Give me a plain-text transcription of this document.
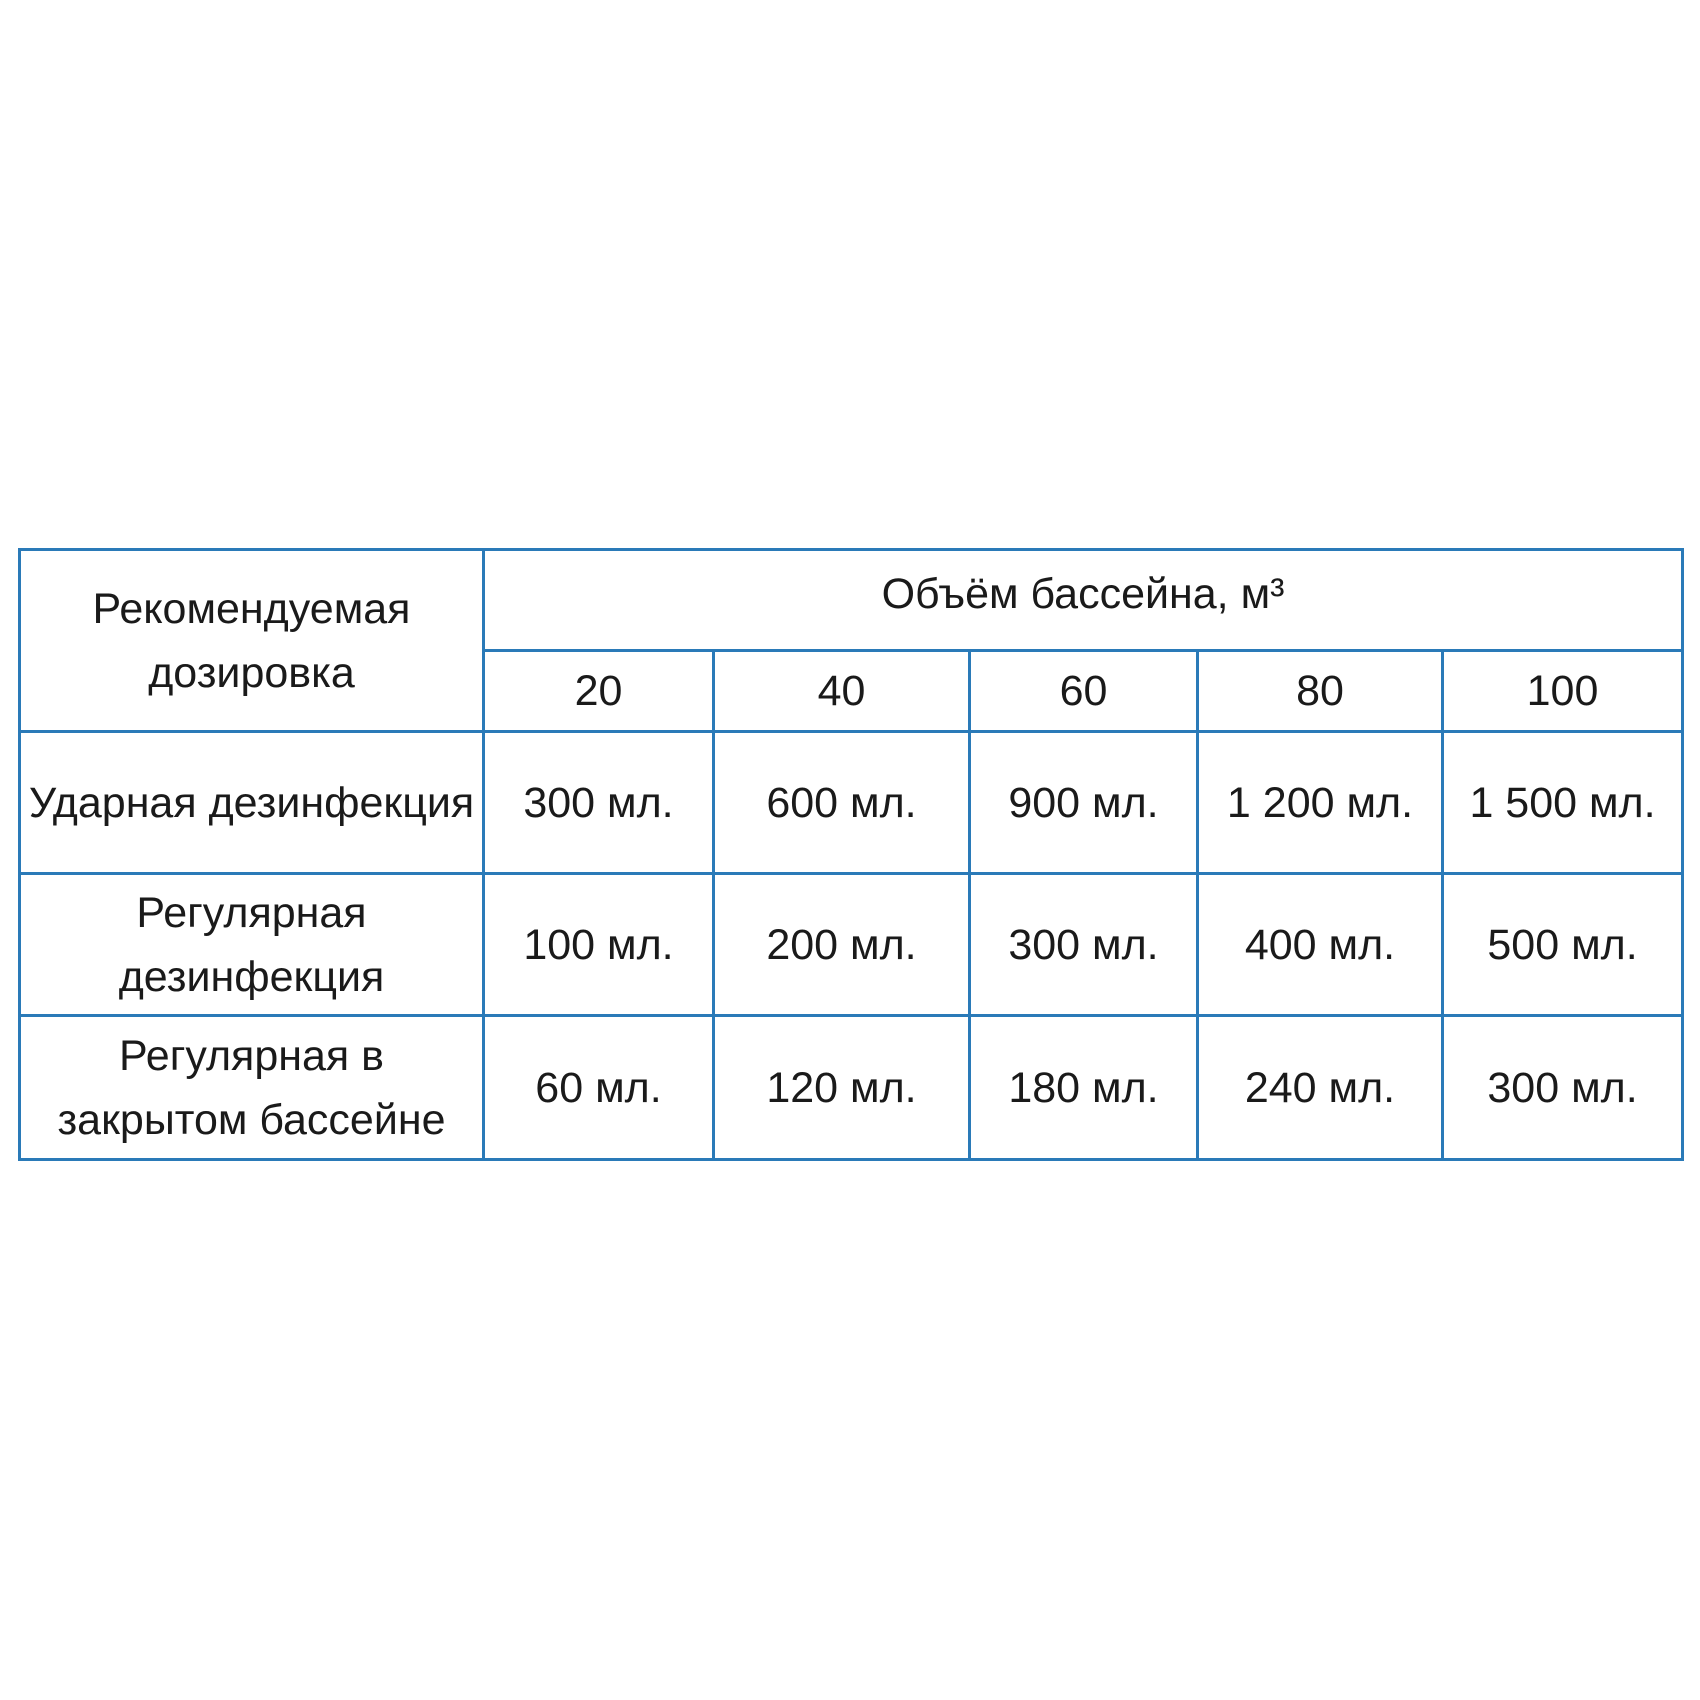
Рекомендуемая дозировка	Объём бассейна, м³				
	20	40	60	80	100
Ударная дезинфекция	300 мл.	600 мл.	900 мл.	1 200 мл.	1 500 мл.
Регулярная дезинфекция	100 мл.	200 мл.	300 мл.	400 мл.	500 мл.
Регулярная в закрытом бассейне	60 мл.	120 мл.	180 мл.	240 мл.	300 мл.
